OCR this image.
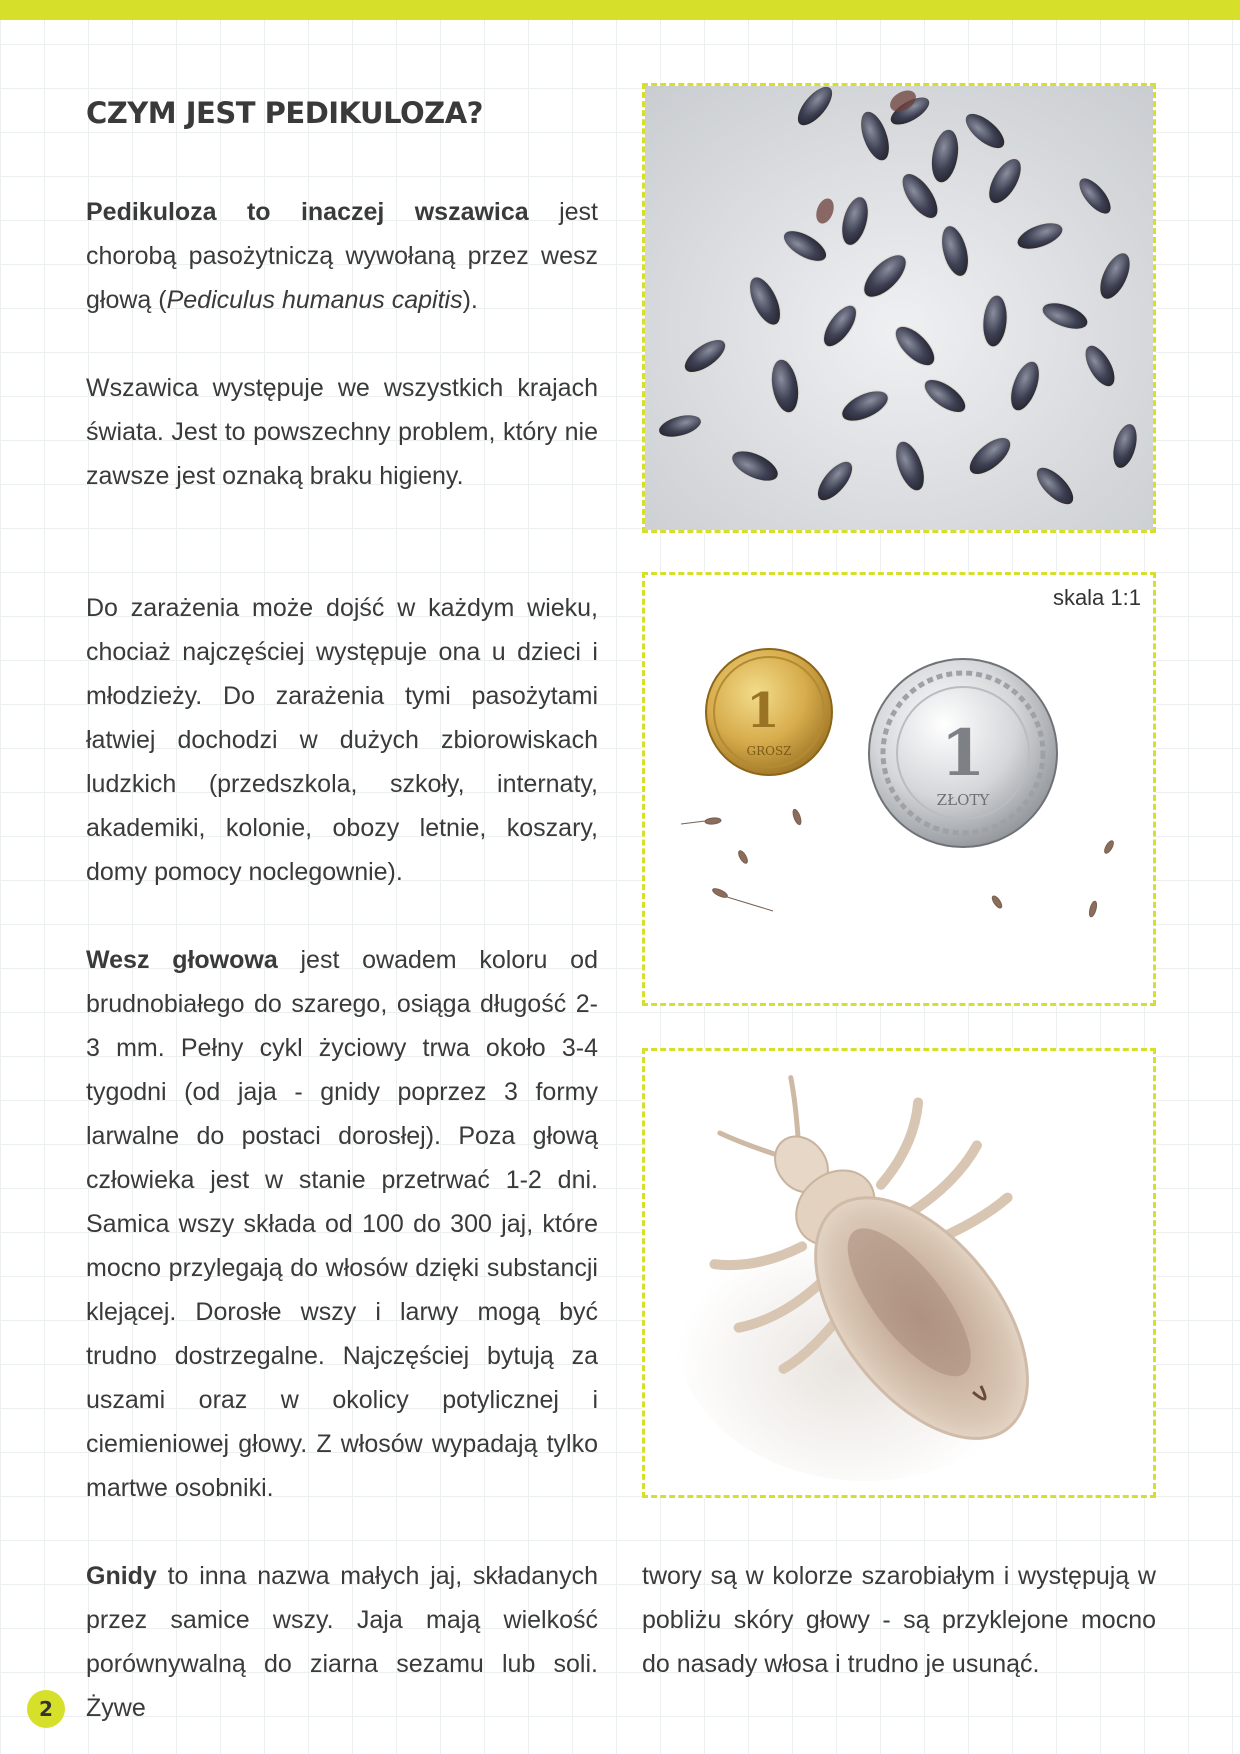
CZYM JEST PEDIKULOZA?

Pedikuloza to inaczej wszawica jest chorobą pasożytniczą wywołaną przez wesz głową (Pediculus humanus capitis).

Wszawica występuje we wszystkich krajach świata. Jest to powszechny problem, który nie zawsze jest oznaką braku higieny.

Do zarażenia może dojść w każdym wieku, chociaż najczęściej występuje ona u dzieci i młodzieży. Do zarażenia tymi pasożytami łatwiej dochodzi w dużych zbiorowiskach ludzkich (przedszkola, szkoły, internaty, akademiki, kolonie, obozy letnie, koszary, domy pomocy noclegownie).

Wesz głowowa jest owadem koloru od brudnobiałego do szarego, osiąga długość 2-3 mm. Pełny cykl życiowy trwa około 3-4 tygodni (od jaja - gnidy poprzez 3 formy larwalne do postaci dorosłej). Poza głową człowieka jest w stanie przetrwać 1-2 dni. Samica wszy składa od 100 do 300 jaj, które mocno przylegają do włosów dzięki substancji klejącej. Dorosłe wszy i larwy mogą być trudno dostrzegalne. Najczęściej bytują za uszami oraz w okolicy potylicznej i ciemieniowej głowy. Z włosów wypadają tylko martwe osobniki.

Gnidy to inna nazwa małych jaj, składanych przez samice wszy. Jaja mają wielkość porównywalną do ziarna sezamu lub soli. Żywe

twory są w kolorze szarobiałym i występują w pobliżu skóry głowy - są przyklejone mocno do nasady włosa i trudno je usunąć.

skala 1:1
1
GROSZ 1
ZŁOTY
2
